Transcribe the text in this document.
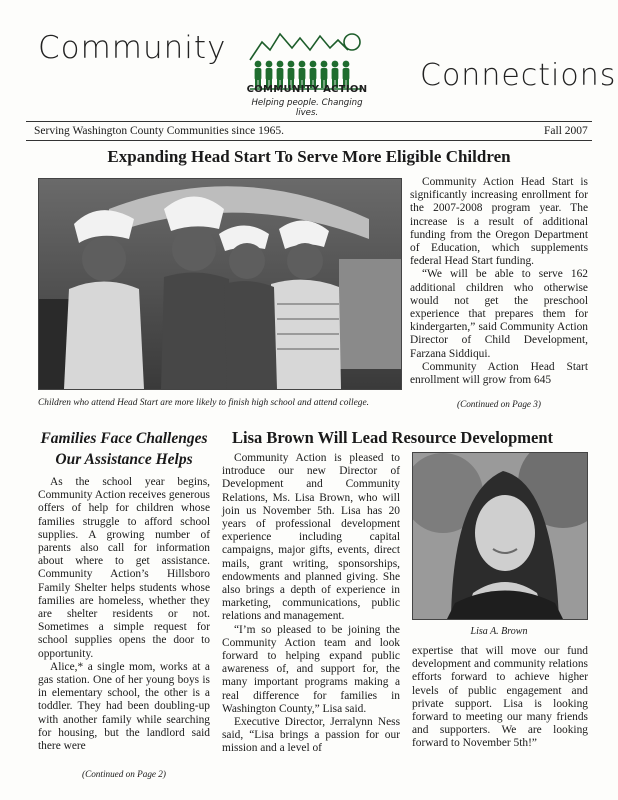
Community
Connections
COMMUNITY ACTION
Helping people. Changing lives.
Serving Washington County Communities since 1965.	Fall 2007
Expanding Head Start To Serve More Eligible Children
Children who attend Head Start are more likely to finish high school and attend college.

Community Action Head Start is significantly increasing enrollment for the 2007-2008 program year. The increase is a result of additional funding from the Oregon Department of Education, which supplements federal Head Start funding.

“We will be able to serve 162 additional children who otherwise would not get the preschool experience that prepares them for kindergarten,” said Community Action Director of Child Development, Farzana Siddiqui.

Community Action Head Start enrollment will grow from 645

(Continued on Page 3)
Families Face Challenges
Our Assistance Helps

As the school year begins, Community Action receives generous offers of help for children whose families struggle to afford school supplies. A growing number of parents also call for information about where to get assistance. Community Action’s Hillsboro Family Shelter helps students whose families are homeless, whether they are shelter residents or not. Sometimes a simple request for school supplies opens the door to opportunity.

Alice,* a single mom, works at a gas station. One of her young boys is in elementary school, the other is a toddler. They had been doubling-up with another family while searching for housing, but the landlord said there were

(Continued on Page 2)
Lisa Brown Will Lead Resource Development

Community Action is pleased to introduce our new Director of Development and Community Relations, Ms. Lisa Brown, who will join us November 5th. Lisa has 20 years of professional development experience including capital campaigns, major gifts, events, direct mails, grant writing, sponsorships, endowments and planned giving. She also brings a depth of experience in marketing, communications, public relations and management.

“I’m so pleased to be joining the Community Action team and look forward to helping expand public awareness of, and support for, the many important programs making a real difference for families in Washington County,” Lisa said.

Executive Director, Jerralynn Ness said, “Lisa brings a passion for our mission and a level of

Lisa A. Brown

expertise that will move our fund development and community relations efforts forward to achieve higher levels of public engagement and private support. Lisa is looking forward to meeting our many friends and supporters. We are looking forward to November 5th!”
